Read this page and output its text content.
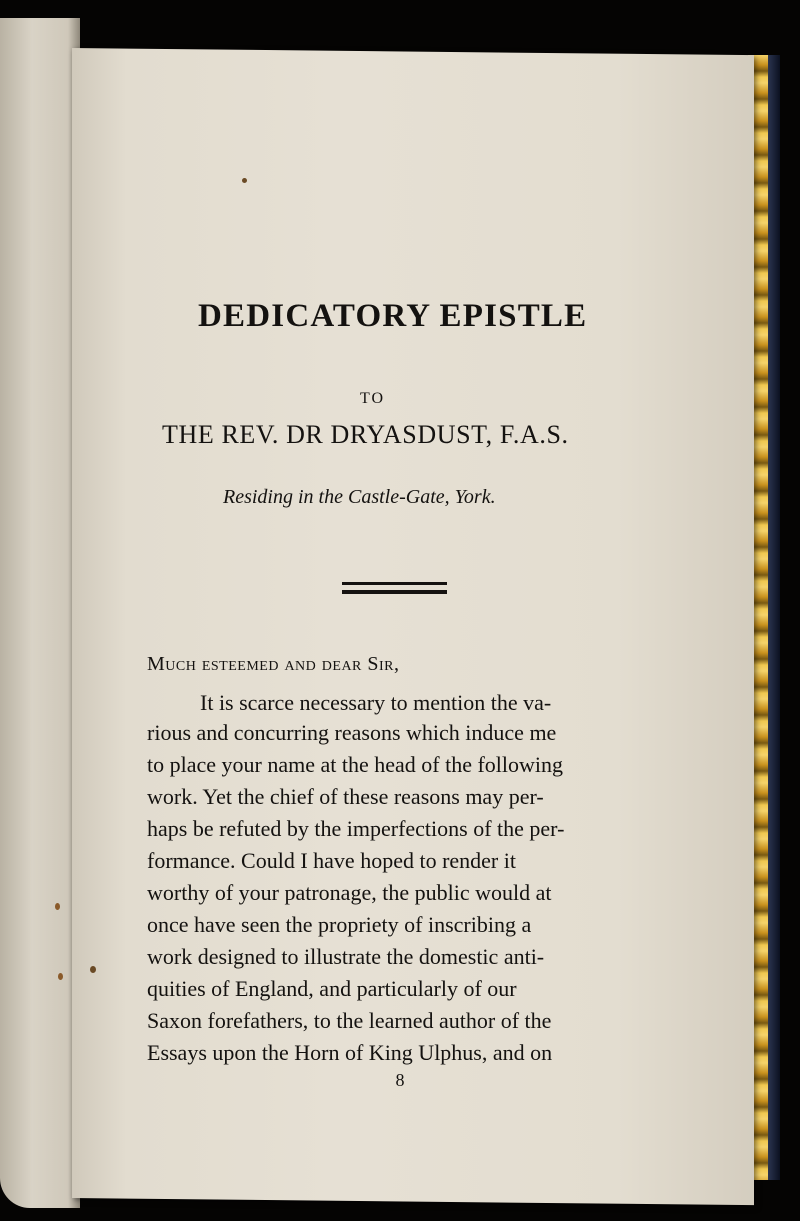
DEDICATORY EPISTLE
TO
THE REV. DR DRYASDUST, F.A.S.
Residing in the Castle-Gate, York.
Much esteemed and dear Sir,
It is scarce necessary to mention the va-
rious and concurring reasons which induce me
to place your name at the head of the following
work. Yet the chief of these reasons may per-
haps be refuted by the imperfections of the per-
formance. Could I have hoped to render it
worthy of your patronage, the public would at
once have seen the propriety of inscribing a
work designed to illustrate the domestic anti-
quities of England, and particularly of our
Saxon forefathers, to the learned author of the
Essays upon the Horn of King Ulphus, and on
8
